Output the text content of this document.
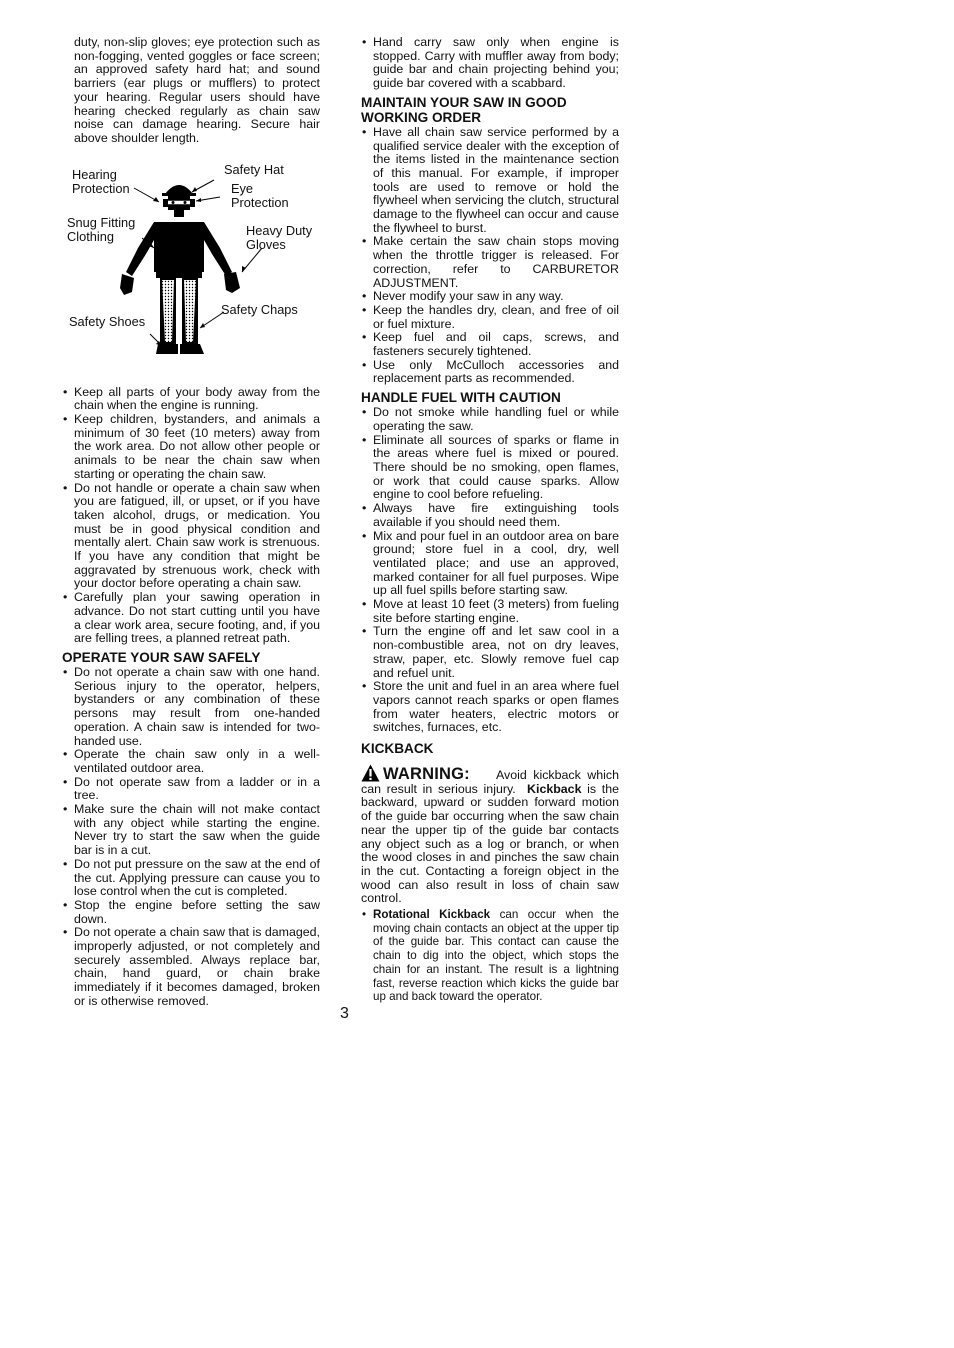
duty, non-slip gloves; eye protection such as non-fogging, vented goggles or face screen; an approved safety hard hat; and sound barriers (ear plugs or mufflers) to protect your hearing. Regular users should have hearing checked regularly as chain saw noise can damage hearing. Secure hair above shoulder length.

Hearing
Protection
Safety Hat
Eye
Protection
Snug Fitting
Clothing	Heavy Duty
Gloves
Safety Chaps
Safety Shoes
• Keep all parts of your body away from the chain when the engine is running.
• Keep children, bystanders, and animals a minimum of 30 feet (10 meters) away from the work area. Do not allow other people or animals to be near the chain saw when starting or operating the chain saw.
• Do not handle or operate a chain saw when you are fatigued, ill, or upset, or if you have taken alcohol, drugs, or medication. You must be in good physical condition and mentally alert. Chain saw work is strenuous. If you have any condition that might be aggravated by strenuous work, check with your doctor before operating a chain saw.
• Carefully plan your sawing operation in advance. Do not start cutting until you have a clear work area, secure footing, and, if you are felling trees, a planned retreat path.
OPERATE YOUR SAW SAFELY
• Do not operate a chain saw with one hand. Serious injury to the operator, helpers, bystanders or any combination of these persons may result from one-handed operation. A chain saw is intended for two-handed use.
• Operate the chain saw only in a well-ventilated outdoor area.
• Do not operate saw from a ladder or in a tree.
• Make sure the chain will not make contact with any object while starting the engine. Never try to start the saw when the guide bar is in a cut.
• Do not put pressure on the saw at the end of the cut. Applying pressure can cause you to lose control when the cut is completed.
• Stop the engine before setting the saw down.
• Do not operate a chain saw that is damaged, improperly adjusted, or not completely and securely assembled. Always replace bar, chain, hand guard, or chain brake immediately if it becomes damaged, broken or is otherwise removed.
• Hand carry saw only when engine is stopped. Carry with muffler away from body; guide bar and chain projecting behind you; guide bar covered with a scabbard.
MAINTAIN YOUR SAW IN GOOD WORKING ORDER
• Have all chain saw service performed by a qualified service dealer with the exception of the items listed in the maintenance section of this manual. For example, if improper tools are used to remove or hold the flywheel when servicing the clutch, structural damage to the flywheel can occur and cause the flywheel to burst.
• Make certain the saw chain stops moving when the throttle trigger is released. For correction, refer to CARBURETOR ADJUSTMENT.
• Never modify your saw in any way.
• Keep the handles dry, clean, and free of oil or fuel mixture.
• Keep fuel and oil caps, screws, and fasteners securely tightened.
• Use only McCulloch accessories and replacement parts as recommended.
HANDLE FUEL WITH CAUTION
• Do not smoke while handling fuel or while operating the saw.
• Eliminate all sources of sparks or flame in the areas where fuel is mixed or poured. There should be no smoking, open flames, or work that could cause sparks. Allow engine to cool before refueling.
• Always have fire extinguishing tools available if you should need them.
• Mix and pour fuel in an outdoor area on bare ground; store fuel in a cool, dry, well ventilated place; and use an approved, marked container for all fuel purposes. Wipe up all fuel spills before starting saw.
• Move at least 10 feet (3 meters) from fueling site before starting engine.
• Turn the engine off and let saw cool in a non-combustible area, not on dry leaves, straw, paper, etc. Slowly remove fuel cap and refuel unit.
• Store the unit and fuel in an area where fuel vapors cannot reach sparks or open flames from water heaters, electric motors or switches, furnaces, etc.
KICKBACK

WARNING: Avoid kickback which can result in serious injury. Kickback is the backward, upward or sudden forward motion of the guide bar occurring when the saw chain near the upper tip of the guide bar contacts any object such as a log or branch, or when the wood closes in and pinches the saw chain in the cut. Contacting a foreign object in the wood can also result in loss of chain saw control.

• Rotational Kickback can occur when the moving chain contacts an object at the upper tip of the guide bar. This contact can cause the chain to dig into the object, which stops the chain for an instant. The result is a lightning fast, reverse reaction which kicks the guide bar up and back toward the operator.
3
